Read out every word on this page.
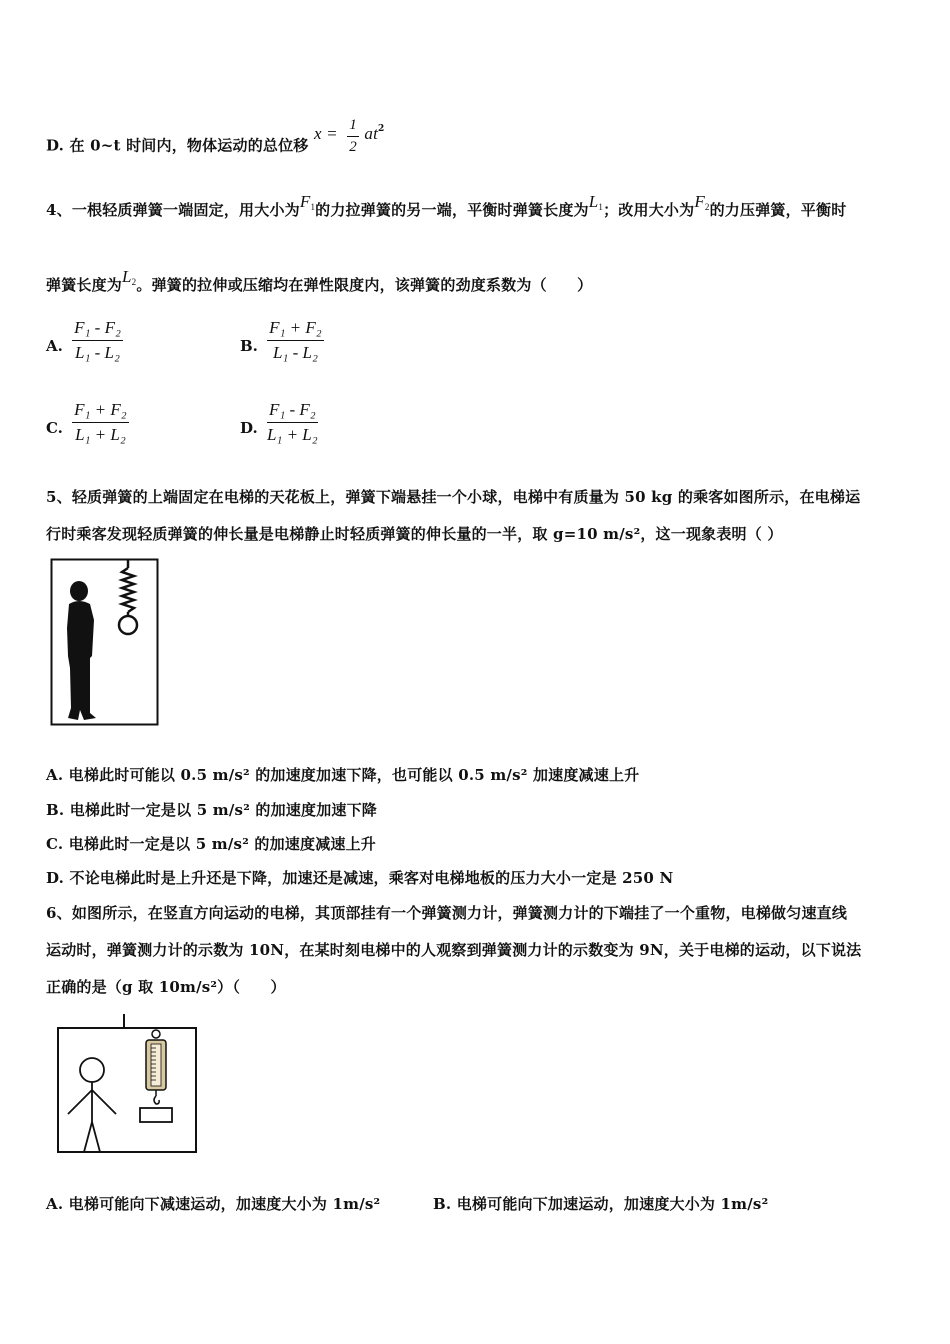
D. 在 0~t 时间内，物体运动的总位移 $x = \frac{1}{2} at^2$
4、一根轻质弹簧一端固定，用大小为$F_1$的力拉弹簧的另一端，平衡时弹簧长度为$L_1$；改用大小为$F_2$的力压弹簧，平衡时
弹簧长度为$L_2$。弹簧的拉伸或压缩均在弹性限度内，该弹簧的劲度系数为（　　）
A. $\frac{\text{F₁ - F₂}}{\text{L₁ - L₂}}$	B. $\frac{\text{F₁ + F₂}}{\text{L₁ - L₂}}$
C. $\frac{\text{F₁ + F₂}}{\text{L₁ + L₂}}$	D. $\frac{\text{F₁ - F₂}}{\text{L₁ + L₂}}$
5、轻质弹簧的上端固定在电梯的天花板上，弹簧下端悬挂一个小球，电梯中有质量为 50 kg 的乘客如图所示，在电梯运
行时乘客发现轻质弹簧的伸长量是电梯静止时轻质弹簧的伸长量的一半，取 g=10 m/s²，这一现象表明（ ）
A. 电梯此时可能以 0.5 m/s² 的加速度加速下降，也可能以 0.5 m/s² 加速度减速上升
B. 电梯此时一定是以 5 m/s² 的加速度加速下降
C. 电梯此时一定是以 5 m/s² 的加速度减速上升
D. 不论电梯此时是上升还是下降，加速还是减速，乘客对电梯地板的压力大小一定是 250 N
6、如图所示，在竖直方向运动的电梯，其顶部挂有一个弹簧测力计，弹簧测力计的下端挂了一个重物，电梯做匀速直线
运动时，弹簧测力计的示数为 10N，在某时刻电梯中的人观察到弹簧测力计的示数变为 9N，关于电梯的运动，以下说法
正确的是（g 取 10m/s²）（　　）
A. 电梯可能向下减速运动，加速度大小为 1m/s²	B. 电梯可能向下加速运动，加速度大小为 1m/s²
